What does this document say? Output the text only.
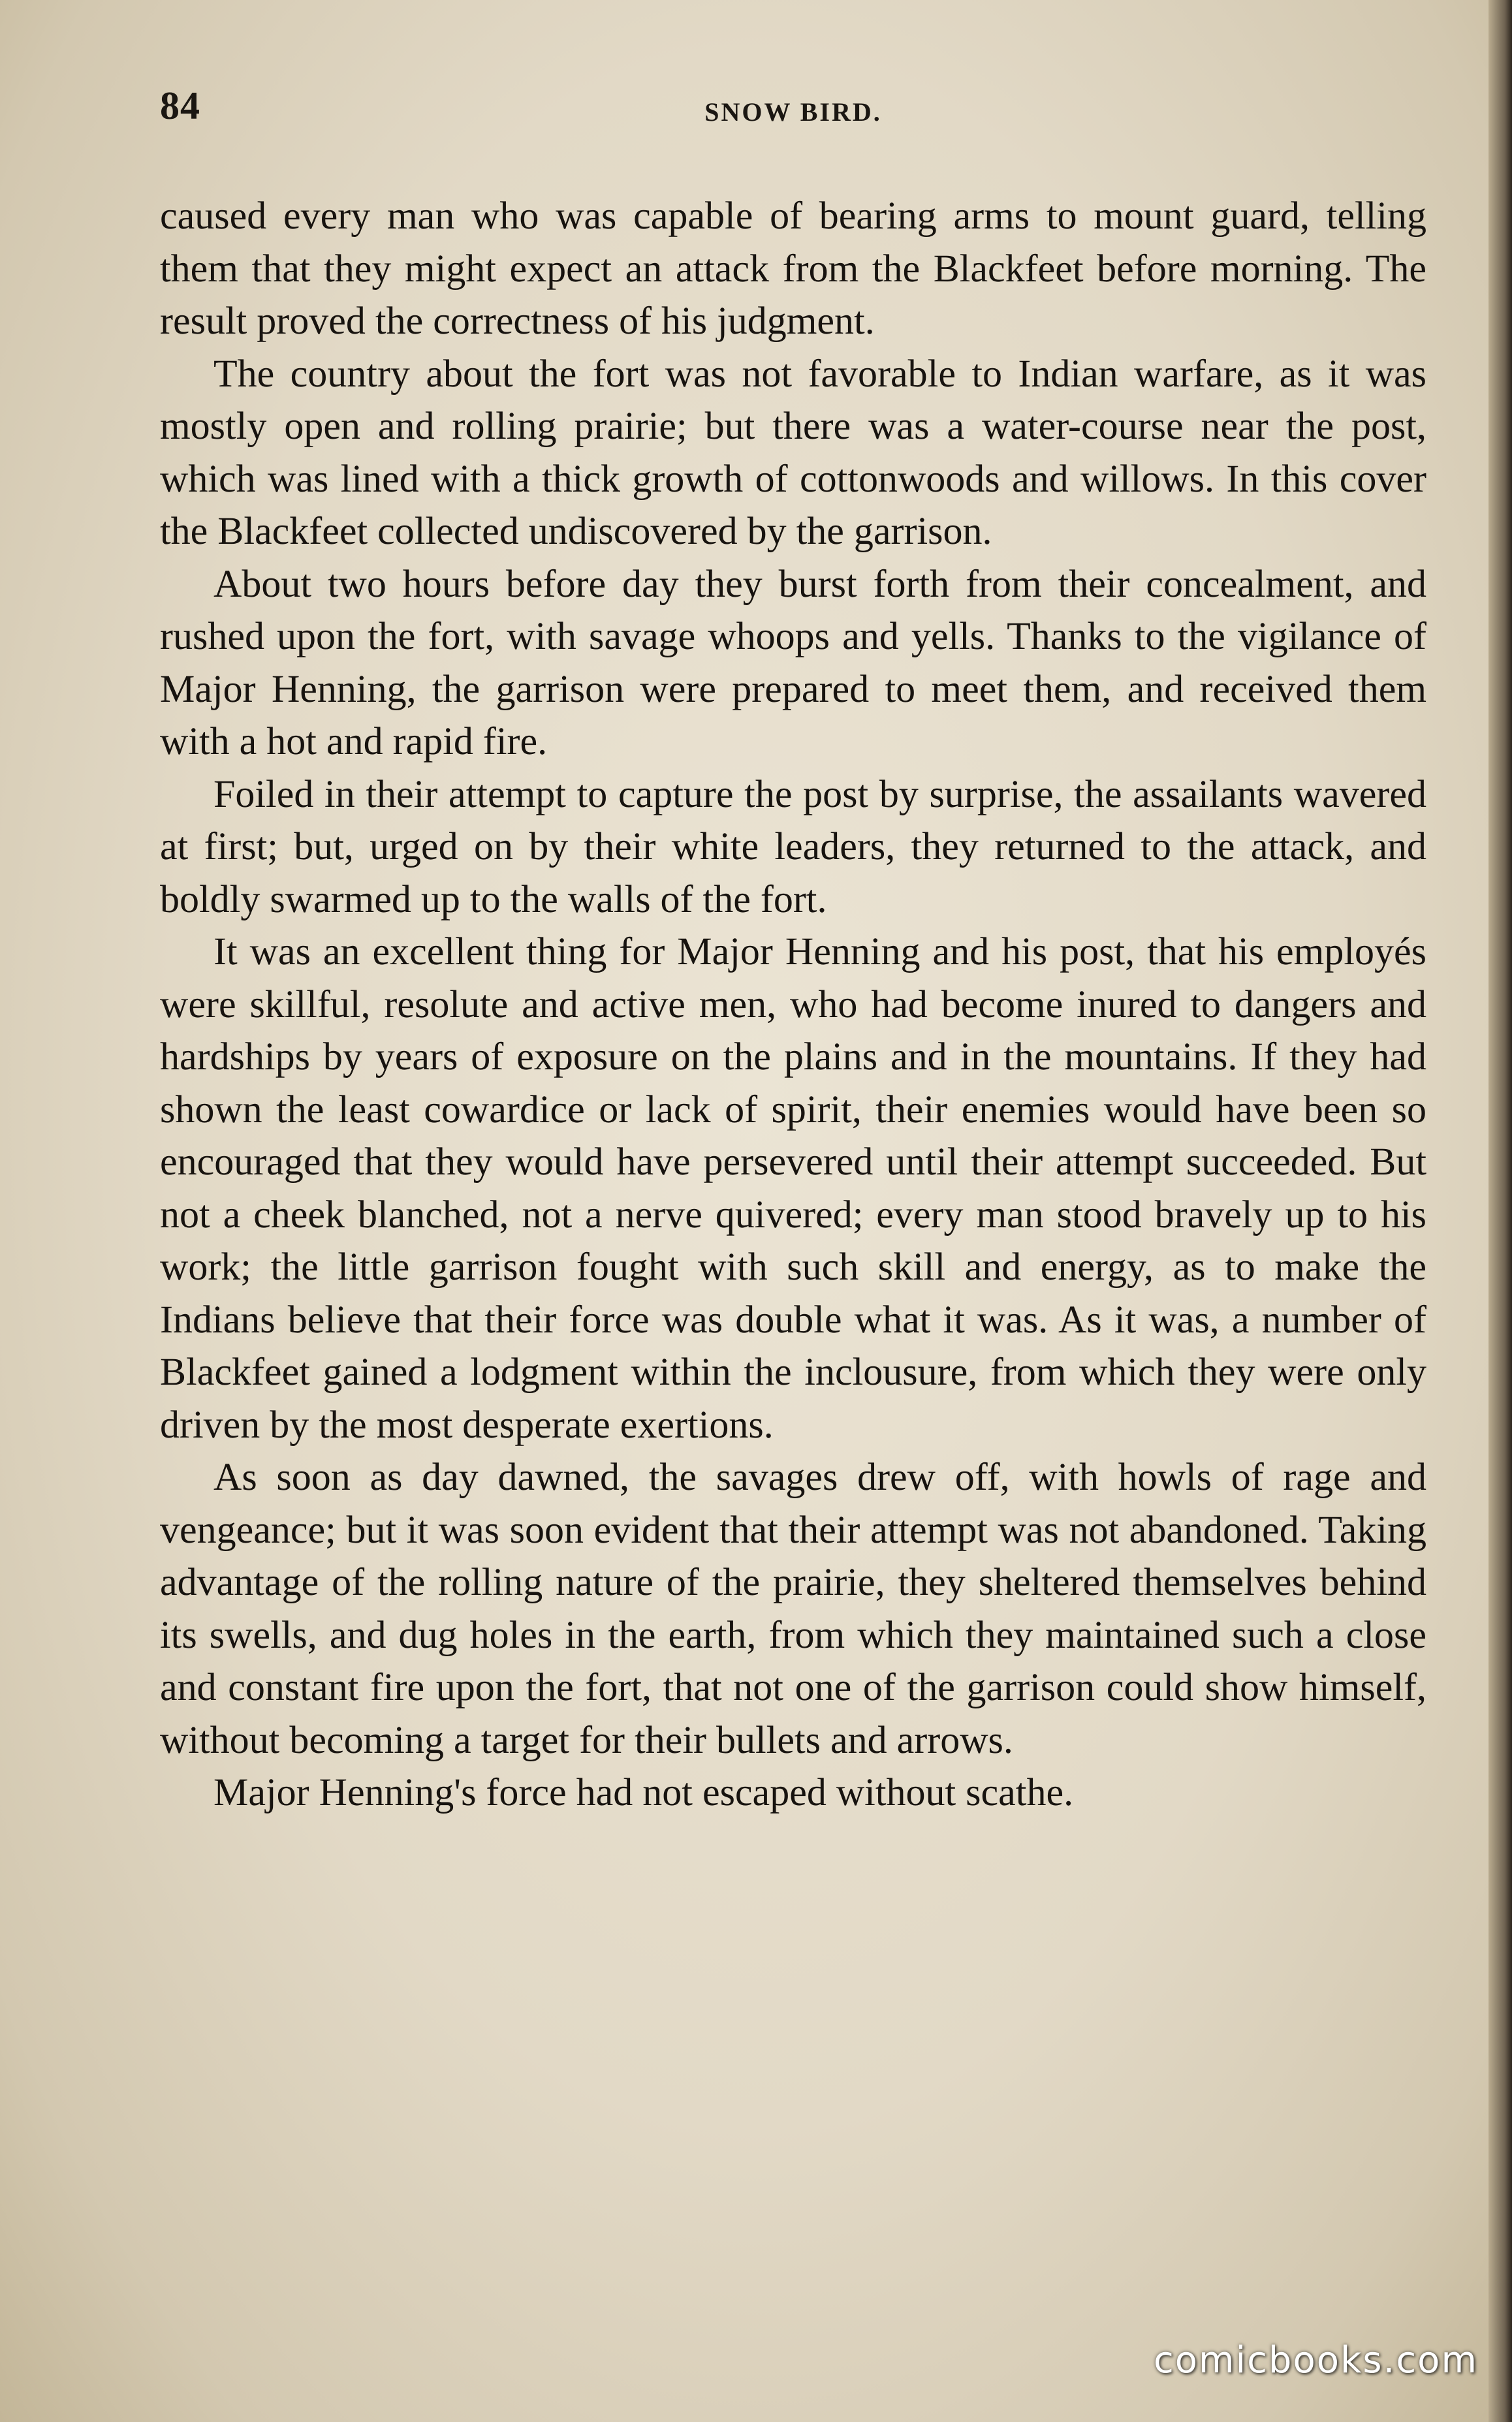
84	SNOW BIRD.

caused every man who was capable of bearing arms to mount guard, telling them that they might expect an attack from the Blackfeet before morning. The result proved the correctness of his judgment.

The country about the fort was not favorable to Indian warfare, as it was mostly open and rolling prairie; but there was a water-course near the post, which was lined with a thick growth of cottonwoods and willows. In this cover the Blackfeet collected undiscovered by the garrison.

About two hours before day they burst forth from their concealment, and rushed upon the fort, with savage whoops and yells. Thanks to the vigilance of Major Henning, the garrison were prepared to meet them, and received them with a hot and rapid fire.

Foiled in their attempt to capture the post by surprise, the assailants wavered at first; but, urged on by their white leaders, they returned to the attack, and boldly swarmed up to the walls of the fort.

It was an excellent thing for Major Henning and his post, that his employés were skillful, resolute and active men, who had become inured to dangers and hardships by years of exposure on the plains and in the mountains. If they had shown the least cowardice or lack of spirit, their enemies would have been so encouraged that they would have persevered until their attempt succeeded. But not a cheek blanched, not a nerve quivered; every man stood bravely up to his work; the little garrison fought with such skill and energy, as to make the Indians believe that their force was double what it was. As it was, a number of Blackfeet gained a lodgment within the inclousure, from which they were only driven by the most desperate exertions.

As soon as day dawned, the savages drew off, with howls of rage and vengeance; but it was soon evident that their attempt was not abandoned. Taking advantage of the rolling nature of the prairie, they sheltered themselves behind its swells, and dug holes in the earth, from which they maintained such a close and constant fire upon the fort, that not one of the garrison could show himself, without becoming a target for their bullets and arrows.

Major Henning's force had not escaped without scathe.

comicbooks.com
